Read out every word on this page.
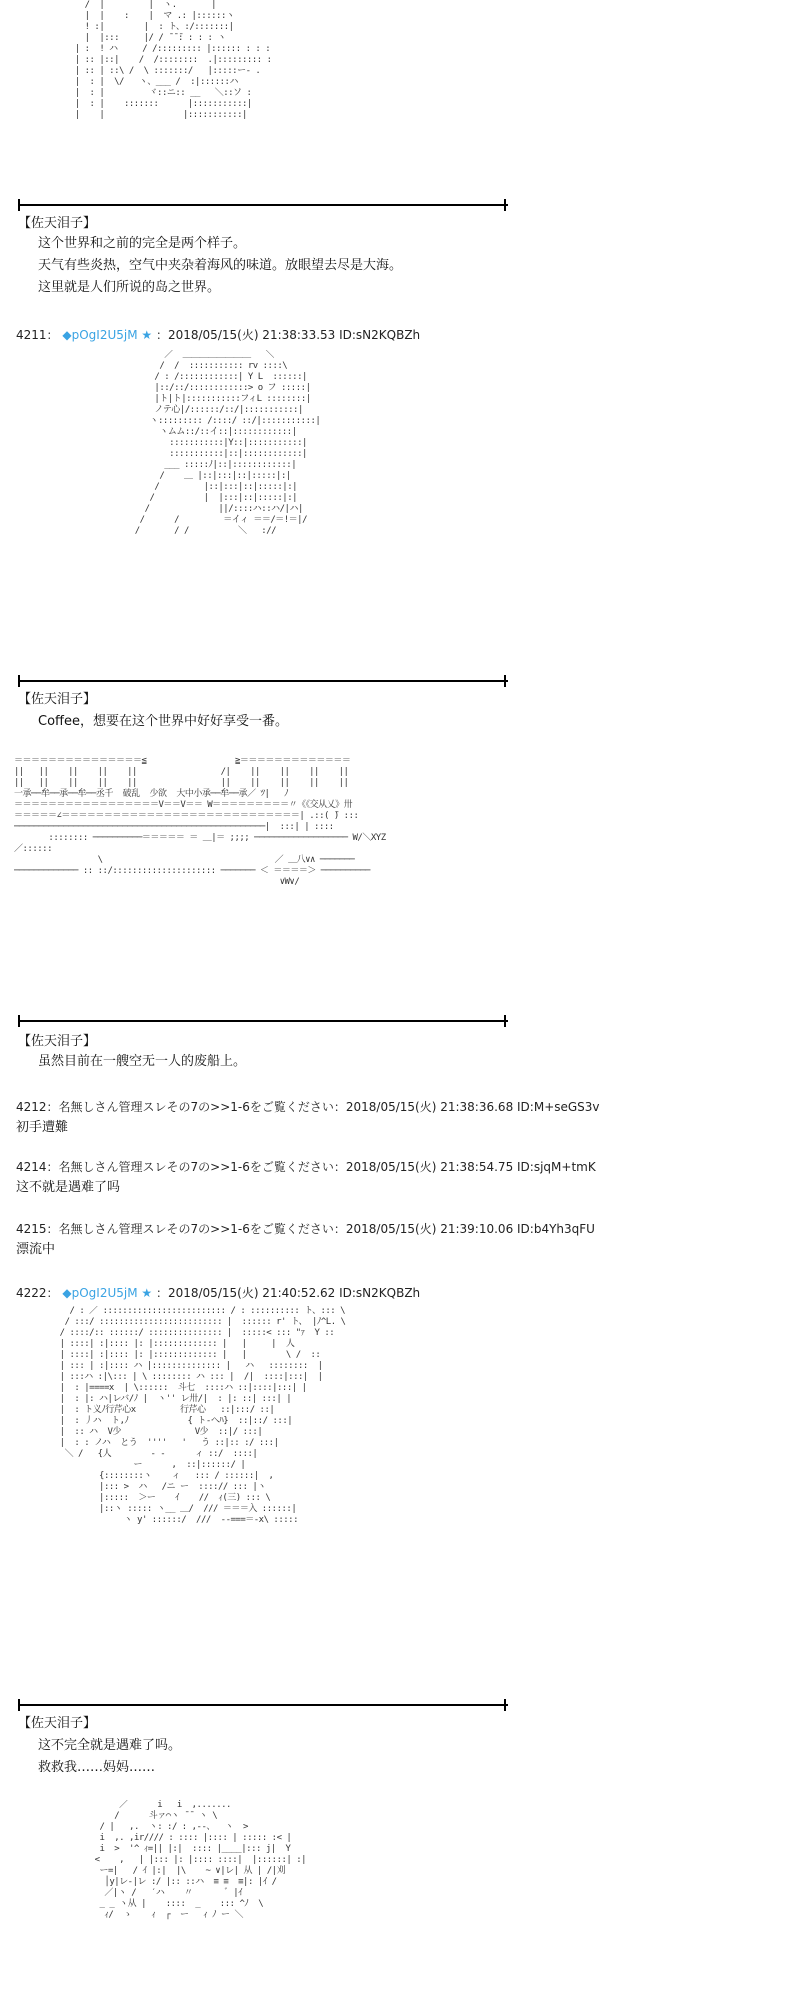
/  |         |  ヽ.       |
|  |    :    |  マ .: |::::::ヽ
! :|        |  : ト、:/:::::::|
|  |:::     |/ / ̄ ̄ ̄: : : : ヽ
| :  ! ハ     / /::::::::: |:::::: : : :
| :: |::|    /  /::::::::  .|::::::::: :
| :: | ::\ /  \ :::::::/   |:::::ー- .
|  : |  \/   ヽ、___ /  :|::::::ハ
|  : |         ヾ::ニ:: __   ＼::ソ :
|  : |    :::::::      |:::::::::::|
|    |                |:::::::::::|
【佐天泪子】
这个世界和之前的完全是两个样子。
天气有些炎热，空气中夹杂着海风的味道。放眼望去尽是大海。
这里就是人们所说的岛之世界。
4211： ◆pOgI2U5jM ★ ：2018/05/15(火) 21:38:33.53 ID:sN2KQBZh
／  ＿＿＿＿＿＿＿＿   ＼
/  /  ::::::::::: rv ::::\
/ : /::::::::::::| Y L  ::::::|
|::/::/::::::::::::> o フ :::::|
|ト|ト|:::::::::::フィL ::::::::|
ノテ心|/::::::/::/|:::::::::::|
ヽ::::::::: /::::/ ::/|:::::::::::|
ヽムム::/::イ::|::::::::::::|
:::::::::::|Y::|:::::::::::|
:::::::::::|::|::::::::::::|
___ :::::ﾉ|::|::::::::::::|
/    ＿ |::|:::|::|:::::|:|
/         |::|:::|::|:::::|:|
/          |  |:::|::|:::::|:|
/              ||/::::ハ::ハ/|ハ|
/      /         ＝イィ ＝＝/＝!＝|/
/       / /          ＼   ://
【佐天泪子】
Coffee，想要在这个世界中好好享受一番。
＝＝＝＝＝＝＝＝＝＝＝＝＝＝＝≦                  ≧＝＝＝＝＝＝＝＝＝＝＝＝＝
||   ||    ||    ||    ||                 /|    ||    ||    ||    ||
||   ||    ||    ||    ||                 ||    ||    ||    ||    ||
一承──牟──承──牟──丞千  破乱  少欲  大中小承──牟──承／ ﾂ|   ﾉ
＝＝＝＝＝＝＝＝＝＝＝＝＝＝＝＝＝V＝＝V＝＝ W＝＝＝＝＝＝＝＝＝〃《《交从乂》卅
＝＝＝＝＝∠＝＝＝＝＝＝＝＝＝＝＝＝＝＝＝＝＝＝＝＝＝＝＝＝＝＝＝＝| .::( ̄) :::
───────────────────────────────────────────────────|  :::| | ::::
:::::::: ──────────＝＝＝＝＝ ＝ ＿|＝ ;;;; ─────────────────── W/＼XYZ
／::::::
\                                   ／ ＿八∨∧ ───────
───────────── :: ::/::::::::::::::::::::: ─────── ＜ ＝＝＝＝＞ ──────────
∨W∨/
【佐天泪子】
虽然目前在一艘空无一人的废船上。
4212：名無しさん管理スレその7の>>1-6をご覧ください：2018/05/15(火) 21:38:36.68 ID:M+seGS3v
初手遭難
4214：名無しさん管理スレその7の>>1-6をご覧ください：2018/05/15(火) 21:38:54.75 ID:sjqM+tmK
这不就是遇难了吗
4215：名無しさん管理スレその7の>>1-6をご覧ください：2018/05/15(火) 21:39:10.06 ID:b4Yh3qFU
漂流中
4222： ◆pOgI2U5jM ★ ：2018/05/15(火) 21:40:52.62 ID:sN2KQBZh
/ : ／ ::::::::::::::::::::::::: / : :::::::::: ト、::: \
/ :::/ ::::::::::::::::::::::::: |  :::::: r' ト、 |ﾉ^L. \
/ ::::/:: ::::::/ ::::::::::::::: |  :::::< ::: "ｧ  Y ::
| ::::| :|:::: |: |::::::::::::: |   |     |  人
| ::::| :|:::: |: |::::::::::::: |   |        \ /  ::
| ::: | :|:::: ハ |:::::::::::::: |   ハ   ::::::::  |
| :::ハ :|\::: | \ :::::::: ハ ::: |  /|  ::::|:::|  |
|  : |====x  | \::::::  斗七  ::::ハ ::|::::|:::| |
|  : |: ハ|レバ/ﾉ |  ヽ'' レ卅/|  : |: ::| :::| |
|  : ト义ﾉ行芹心x         行芹心   ::|:::/ ::|
|  : 丿ハ  ト,ﾉ            { ト-ヘﾊ}  ::|::/ :::|
|  :: ハ  V少               V少  ::|/ :::|
|  : : ノハ  とう  ''''   '   う ::|:: :/ :::|
＼ /   {人        ‐ ‐      ィ ::/  ::::|
ー      ,  ::|::::::/ |
{::::::::ヽ    ィ   ::: / ::::::|  ,
|::: >  ハ   /ニ ー  ::::// ::: |ヽ
|:::::  ＞ー    ｲ    //  ｨ(三) ::: \
|::ヽ ::::: ヽ__ ＿/  /// ＝＝＝入 ::::::|
ヽ y' ::::::/  ///  ‐-===＝-x\ :::::
【佐天泪子】
这不完全就是遇难了吗。
救救我……妈妈……
／      i   i  ,.......
/      斗ァ⌒ヽ ̄ ̄  ヽ \
/ |   ,.  ヽ: :/ : ,-‐、  ヽ  >
i  ,. ,ir//// : :::: |:::: | ::::: :< |
i  >  '^ ｨ=|| |:|  :::: |____|::: j|  Y
<    ,   | |::: |: |:::: ::::|  |::::::| :|
ー=|   / ｲ |:|  |\    ~ ∨|レ| 从 | /|刈
│y|レ-|レ :/ |:: ::ハ  ≡ ≡  ≡|: |ｲ /
／|ヽ /   ′ハ    〃       ﾞ |ｲ
_ _ ヽ从 |    ::::  _    ::: ^ﾉ  \
ｨ/  ゝ    ｨ  ┌  ー   ｨ ﾉ ー ＼
